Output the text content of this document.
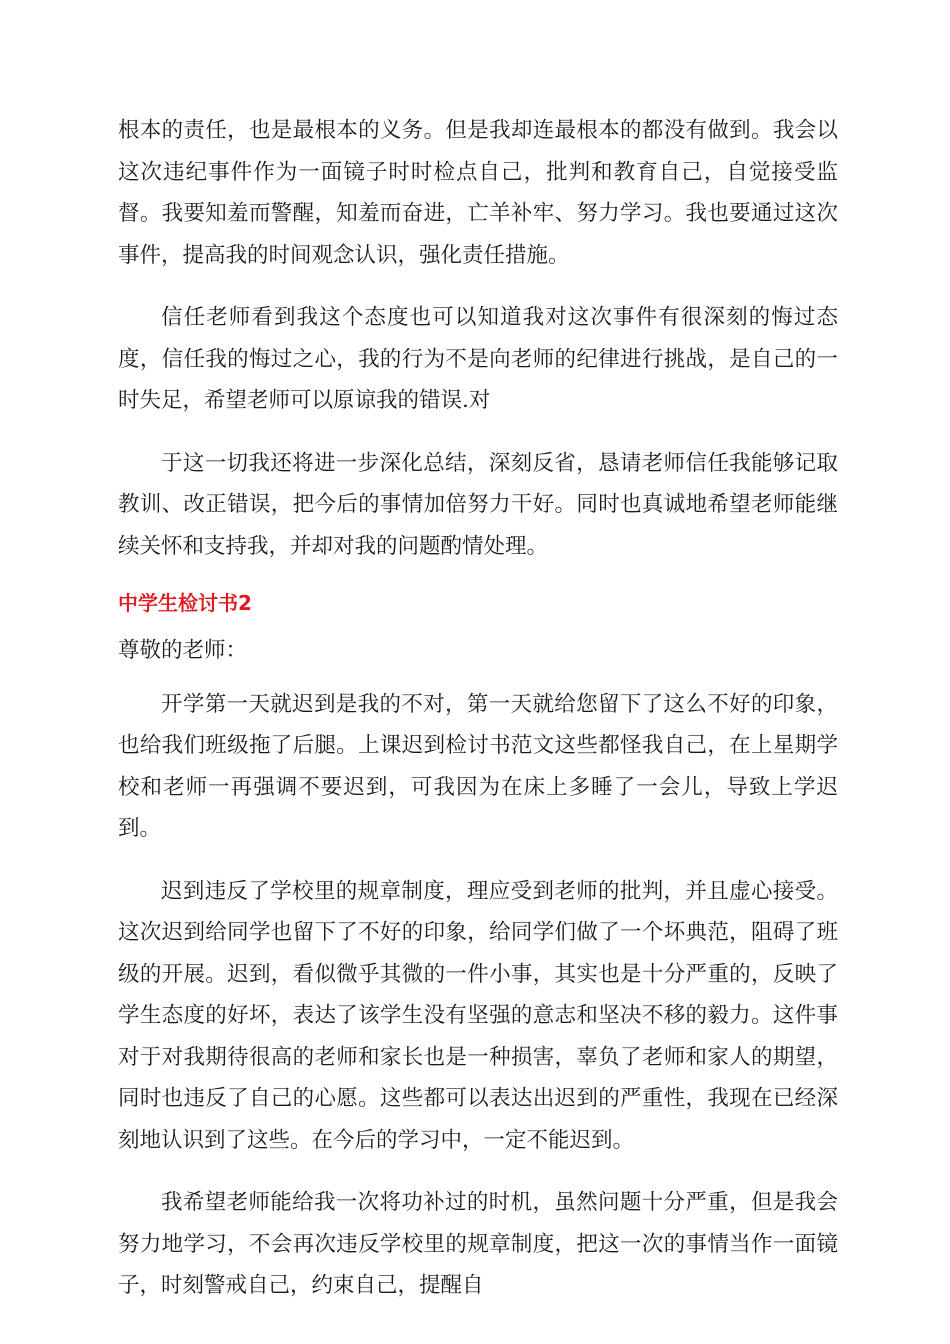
根本的责任，也是最根本的义务。但是我却连最根本的都没有做到。我会以这次违纪事件作为一面镜子时时检点自己，批判和教育自己，自觉接受监督。我要知羞而警醒，知羞而奋进，亡羊补牢、努力学习。我也要通过这次事件，提高我的时间观念认识，强化责任措施。

信任老师看到我这个态度也可以知道我对这次事件有很深刻的悔过态度，信任我的悔过之心，我的行为不是向老师的纪律进行挑战，是自己的一时失足，希望老师可以原谅我的错误.对

于这一切我还将进一步深化总结，深刻反省，恳请老师信任我能够记取教训、改正错误，把今后的事情加倍努力干好。同时也真诚地希望老师能继续关怀和支持我，并却对我的问题酌情处理。

中学生检讨书2
尊敬的老师：

开学第一天就迟到是我的不对，第一天就给您留下了这么不好的印象，也给我们班级拖了后腿。上课迟到检讨书范文这些都怪我自己，在上星期学校和老师一再强调不要迟到，可我因为在床上多睡了一会儿，导致上学迟到。

迟到违反了学校里的规章制度，理应受到老师的批判，并且虚心接受。这次迟到给同学也留下了不好的印象，给同学们做了一个坏典范，阻碍了班级的开展。迟到，看似微乎其微的一件小事，其实也是十分严重的，反映了学生态度的好坏，表达了该学生没有坚强的意志和坚决不移的毅力。这件事对于对我期待很高的老师和家长也是一种损害，辜负了老师和家人的期望，同时也违反了自己的心愿。这些都可以表达出迟到的严重性，我现在已经深刻地认识到了这些。在今后的学习中，一定不能迟到。

我希望老师能给我一次将功补过的时机，虽然问题十分严重，但是我会努力地学习，不会再次违反学校里的规章制度，把这一次的事情当作一面镜子，时刻警戒自己，约束自己，提醒自
